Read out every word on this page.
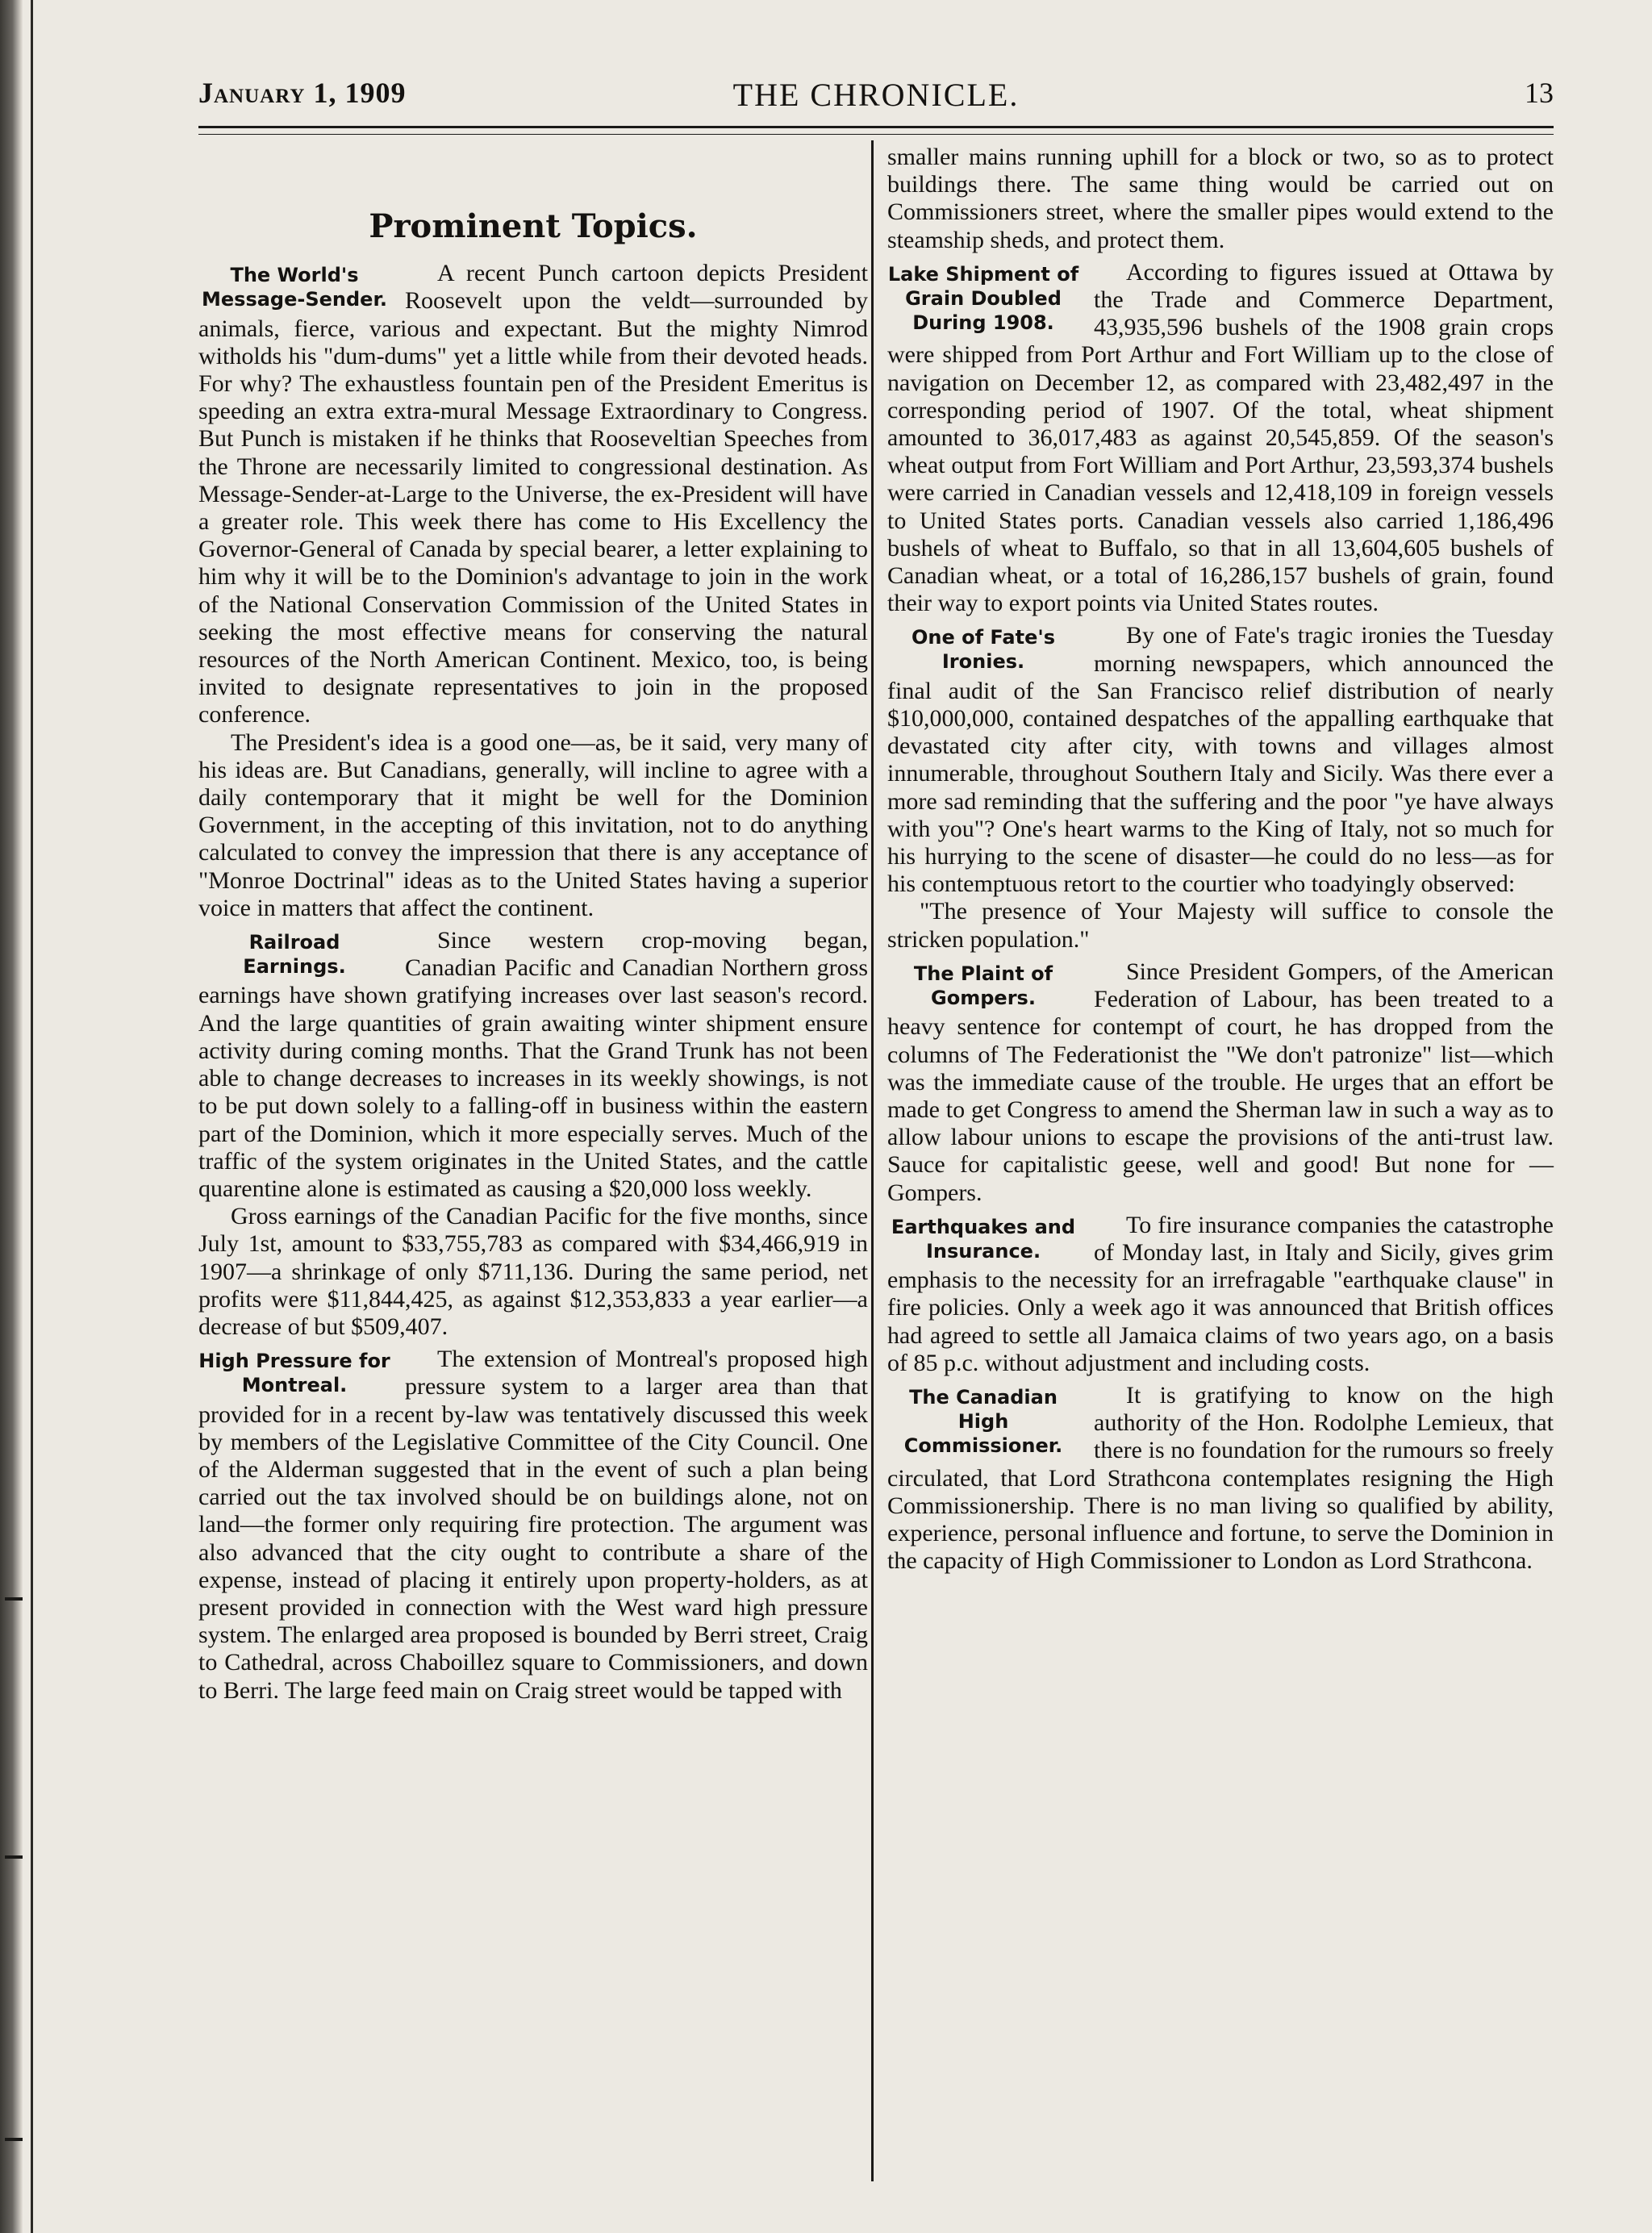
January 1, 1909	THE CHRONICLE.	13
Prominent Topics.
The World's Message-Sender.

A recent Punch cartoon depicts President Roosevelt upon the veldt—surrounded by animals, fierce, various and expectant. But the mighty Nimrod witholds his "dum-dums" yet a little while from their devoted heads. For why? The exhaustless fountain pen of the President Emeritus is speeding an extra extra-mural Message Extraordinary to Congress. But Punch is mistaken if he thinks that Rooseveltian Speeches from the Throne are necessarily limited to congressional destination. As Message-Sender-at-Large to the Universe, the ex-President will have a greater role. This week there has come to His Excellency the Governor-General of Canada by special bearer, a letter explaining to him why it will be to the Dominion's advantage to join in the work of the National Conservation Commission of the United States in seeking the most effective means for conserving the natural resources of the North American Continent. Mexico, too, is being invited to designate representatives to join in the proposed conference.

The President's idea is a good one—as, be it said, very many of his ideas are. But Canadians, generally, will incline to agree with a daily contemporary that it might be well for the Dominion Government, in the accepting of this invitation, not to do anything calculated to convey the impression that there is any acceptance of "Monroe Doctrinal" ideas as to the United States having a superior voice in matters that affect the continent.

Railroad Earnings.

Since western crop-moving began, Canadian Pacific and Canadian Northern gross earnings have shown gratifying increases over last season's record. And the large quantities of grain awaiting winter shipment ensure activity during coming months. That the Grand Trunk has not been able to change decreases to increases in its weekly showings, is not to be put down solely to a falling-off in business within the eastern part of the Dominion, which it more especially serves. Much of the traffic of the system originates in the United States, and the cattle quarentine alone is estimated as causing a $20,000 loss weekly.

Gross earnings of the Canadian Pacific for the five months, since July 1st, amount to $33,755,783 as compared with $34,466,919 in 1907—a shrinkage of only $711,136. During the same period, net profits were $11,844,425, as against $12,353,833 a year earlier—a decrease of but $509,407.

High Pressure for Montreal.

The extension of Montreal's proposed high pressure system to a larger area than that provided for in a recent by-law was tentatively discussed this week by members of the Legislative Committee of the City Council. One of the Alderman suggested that in the event of such a plan being carried out the tax involved should be on buildings alone, not on land—the former only requiring fire protection. The argument was also advanced that the city ought to contribute a share of the expense, instead of placing it entirely upon property-holders, as at present provided in connection with the West ward high pressure system. The enlarged area proposed is bounded by Berri street, Craig to Cathedral, across Chaboillez square to Commissioners, and down to Berri. The large feed main on Craig street would be tapped with

smaller mains running uphill for a block or two, so as to protect buildings there. The same thing would be carried out on Commissioners street, where the smaller pipes would extend to the steamship sheds, and protect them.

Lake Shipment of Grain Doubled During 1908.

According to figures issued at Ottawa by the Trade and Commerce Department, 43,935,596 bushels of the 1908 grain crops were shipped from Port Arthur and Fort William up to the close of navigation on December 12, as compared with 23,482,497 in the corresponding period of 1907. Of the total, wheat shipment amounted to 36,017,483 as against 20,545,859. Of the season's wheat output from Fort William and Port Arthur, 23,593,374 bushels were carried in Canadian vessels and 12,418,109 in foreign vessels to United States ports. Canadian vessels also carried 1,186,496 bushels of wheat to Buffalo, so that in all 13,604,605 bushels of Canadian wheat, or a total of 16,286,157 bushels of grain, found their way to export points via United States routes.

One of Fate's Ironies.

By one of Fate's tragic ironies the Tuesday morning newspapers, which announced the final audit of the San Francisco relief distribution of nearly $10,000,000, contained despatches of the appalling earthquake that devastated city after city, with towns and villages almost innumerable, throughout Southern Italy and Sicily. Was there ever a more sad reminding that the suffering and the poor "ye have always with you"? One's heart warms to the King of Italy, not so much for his hurrying to the scene of disaster—he could do no less—as for his contemptuous retort to the courtier who toadyingly observed:

"The presence of Your Majesty will suffice to console the stricken population."

The Plaint of Gompers.

Since President Gompers, of the American Federation of Labour, has been treated to a heavy sentence for contempt of court, he has dropped from the columns of The Federationist the "We don't patronize" list—which was the immediate cause of the trouble. He urges that an effort be made to get Congress to amend the Sherman law in such a way as to allow labour unions to escape the provisions of the anti-trust law. Sauce for capitalistic geese, well and good! But none for —Gompers.

Earthquakes and Insurance.

To fire insurance companies the catastrophe of Monday last, in Italy and Sicily, gives grim emphasis to the necessity for an irrefragable "earthquake clause" in fire policies. Only a week ago it was announced that British offices had agreed to settle all Jamaica claims of two years ago, on a basis of 85 p.c. without adjustment and including costs.

The Canadian High Commissioner.

It is gratifying to know on the high authority of the Hon. Rodolphe Lemieux, that there is no foundation for the rumours so freely circulated, that Lord Strathcona contemplates resigning the High Commissionership. There is no man living so qualified by ability, experience, personal influence and fortune, to serve the Dominion in the capacity of High Commissioner to London as Lord Strathcona.
